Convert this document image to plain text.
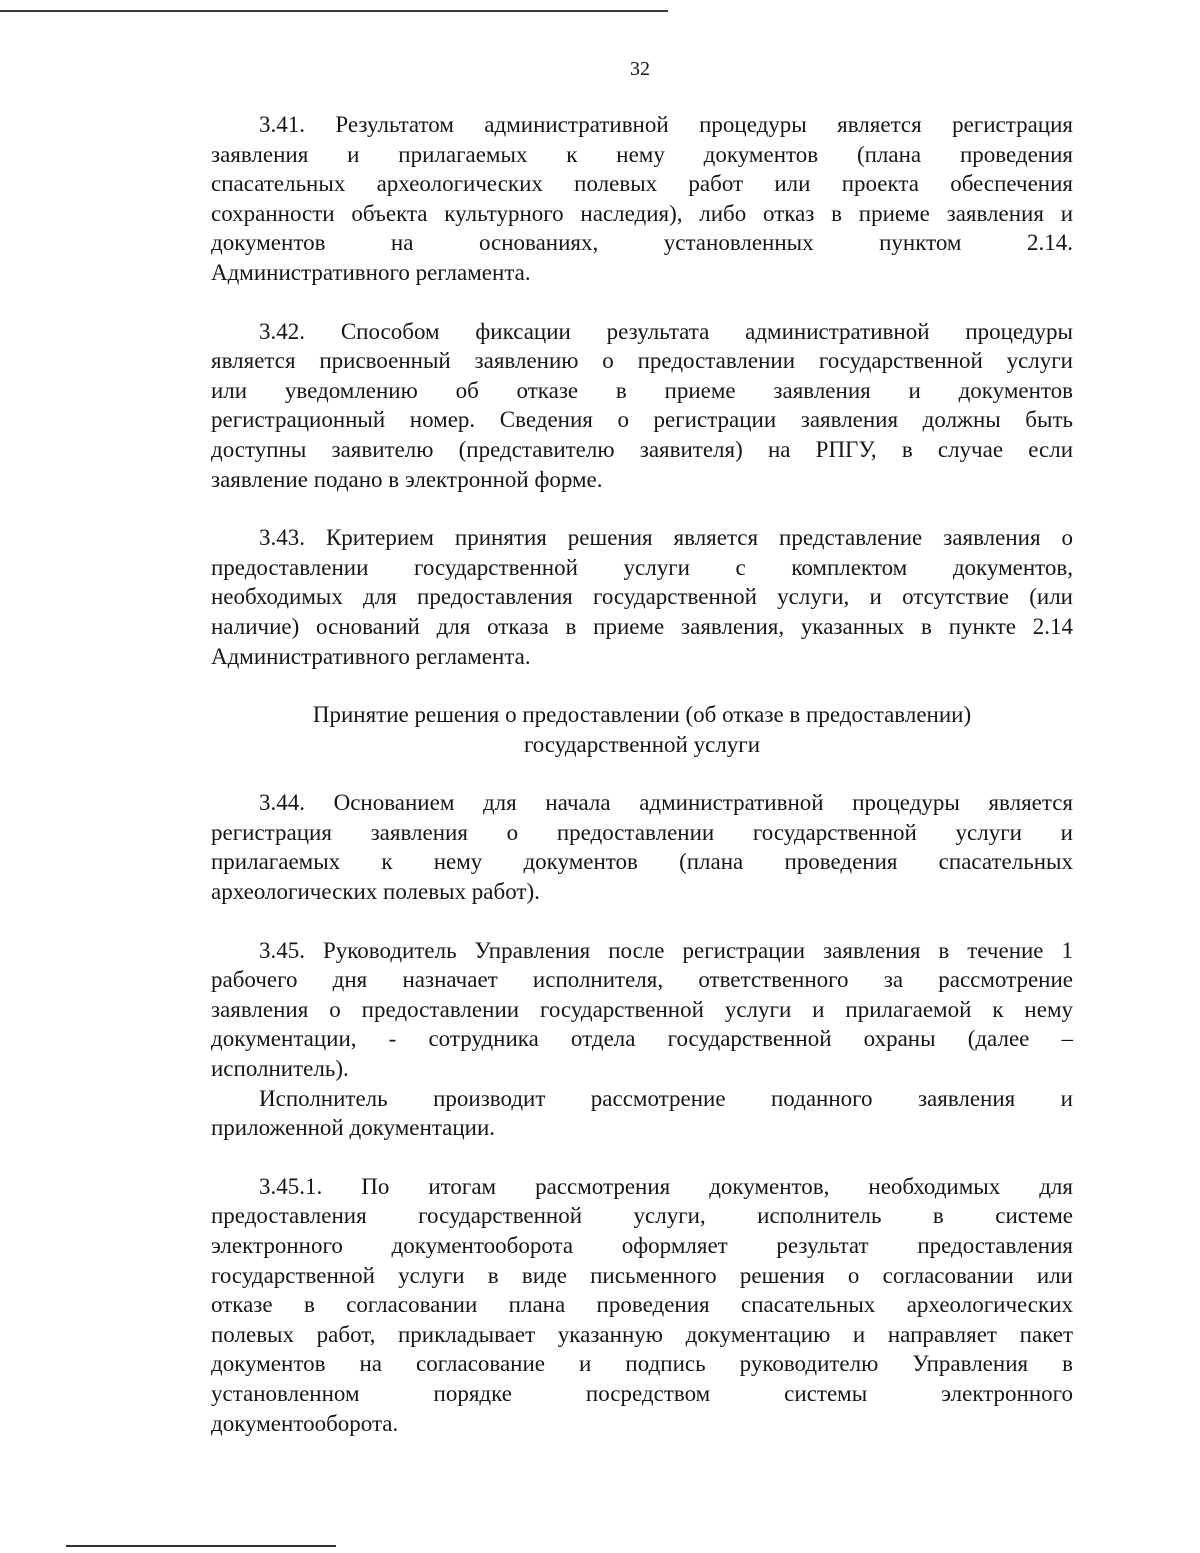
32
3.41. Результатом административной процедуры является регистрация
заявления и прилагаемых к нему документов (плана проведения
спасательных археологических полевых работ или проекта обеспечения
сохранности объекта культурного наследия), либо отказ в приеме заявления и
документов на основаниях, установленных пунктом 2.14.
Административного регламента.
3.42. Способом фиксации результата административной процедуры
является присвоенный заявлению о предоставлении государственной услуги
или уведомлению об отказе в приеме заявления и документов
регистрационный номер. Сведения о регистрации заявления должны быть
доступны заявителю (представителю заявителя) на РПГУ, в случае если
заявление подано в электронной форме.
3.43. Критерием принятия решения является представление заявления о
предоставлении государственной услуги с комплектом документов,
необходимых для предоставления государственной услуги, и отсутствие (или
наличие) оснований для отказа в приеме заявления, указанных в пункте 2.14
Административного регламента.
Принятие решения о предоставлении (об отказе в предоставлении)
государственной услуги
3.44. Основанием для начала административной процедуры является
регистрация заявления о предоставлении государственной услуги и
прилагаемых к нему документов (плана проведения спасательных
археологических полевых работ).
3.45. Руководитель Управления после регистрации заявления в течение 1
рабочего дня назначает исполнителя, ответственного за рассмотрение
заявления о предоставлении государственной услуги и прилагаемой к нему
документации, - сотрудника отдела государственной охраны (далее –
исполнитель).
Исполнитель производит рассмотрение поданного заявления и
приложенной документации.
3.45.1. По итогам рассмотрения документов, необходимых для
предоставления государственной услуги, исполнитель в системе
электронного документооборота оформляет результат предоставления
государственной услуги в виде письменного решения о согласовании или
отказе в согласовании плана проведения спасательных археологических
полевых работ, прикладывает указанную документацию и направляет пакет
документов на согласование и подпись руководителю Управления в
установленном порядке посредством системы электронного
документооборота.
